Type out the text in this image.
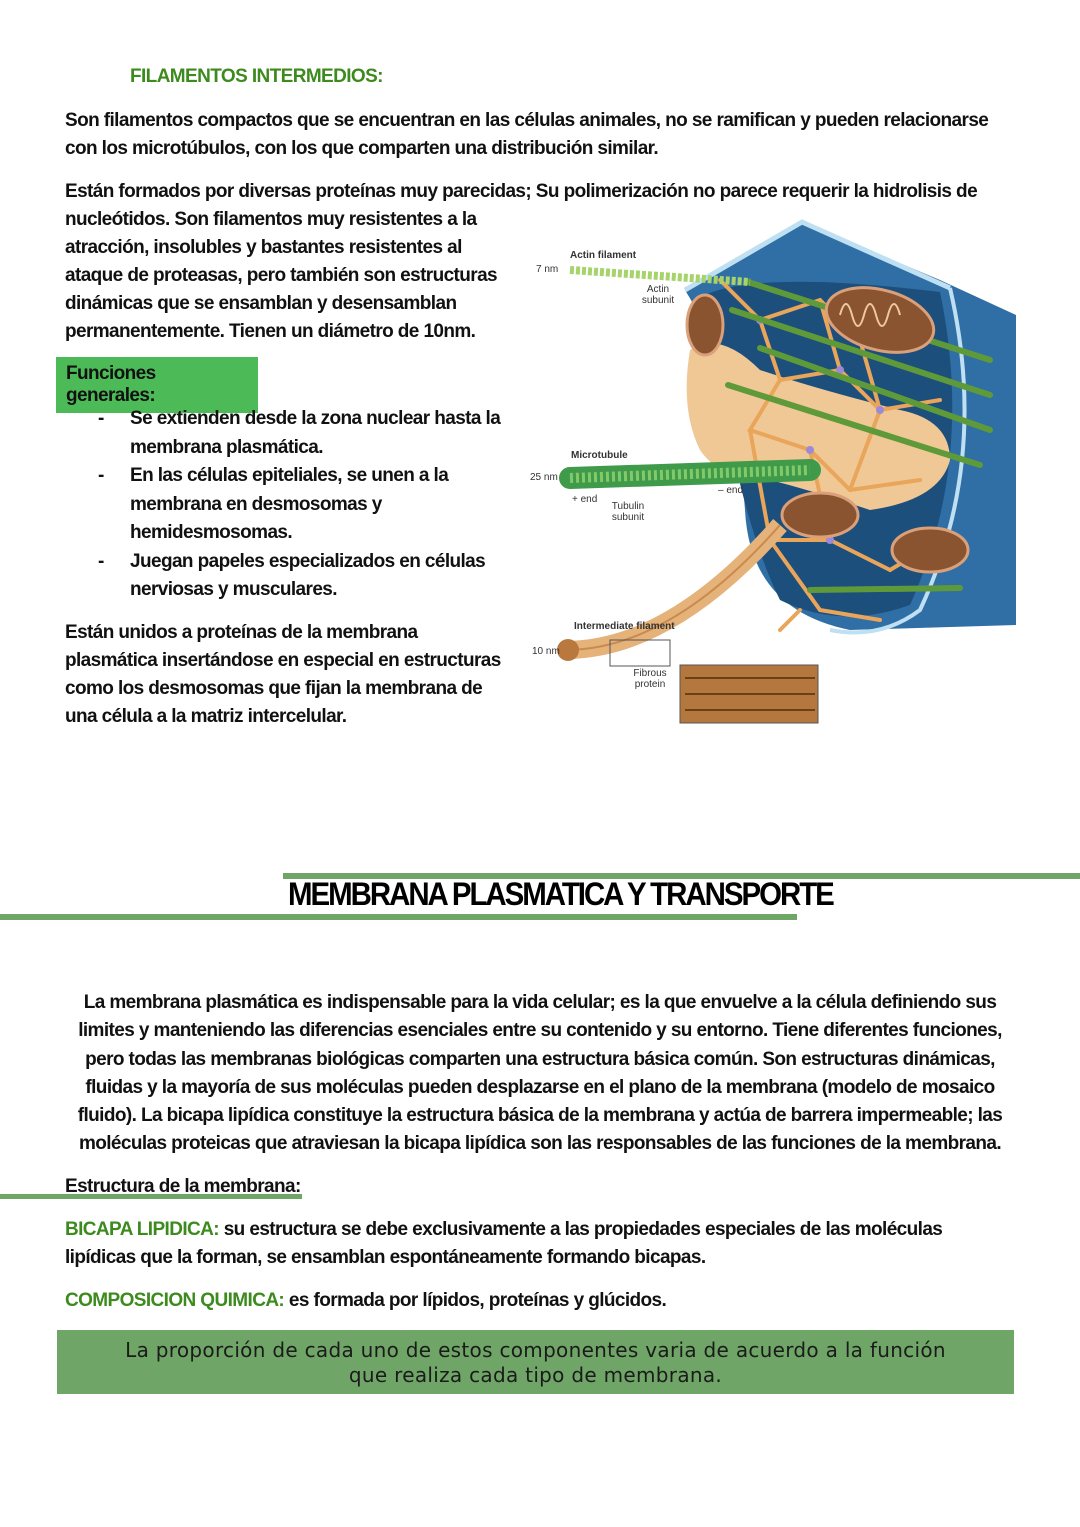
FILAMENTOS INTERMEDIOS:
Son filamentos compactos que se encuentran en las células animales, no se ramifican y pueden relacionarse con los microtúbulos, con los que comparten una distribución similar.
Están formados por diversas proteínas muy parecidas; Su polimerización no parece requerir la hidrolisis de
nucleótidos. Son filamentos muy resistentes a la atracción, insolubles y bastantes resistentes al ataque de proteasas, pero también son estructuras dinámicas que se ensamblan y desensamblan permanentemente. Tienen un diámetro de 10nm.
Funciones generales:
- Se extienden desde la zona nuclear hasta la membrana plasmática.
- En las células epiteliales, se unen a la membrana en desmosomas y hemidesmosomas.
- Juegan papeles especializados en células nerviosas y musculares.
Están unidos a proteínas de la membrana plasmática insertándose en especial en estructuras como los desmosomas que fijan la membrana de una célula a la matriz intercelular.
Actin filament
7 nm
Actin subunit
Microtubule
25 nm
+ end
– end
Tubulin subunit
Intermediate filament
10 nm
Fibrous protein
MEMBRANA PLASMATICA Y TRANSPORTE
La membrana plasmática es indispensable para la vida celular; es la que envuelve a la célula definiendo sus limites y manteniendo las diferencias esenciales entre su contenido y su entorno. Tiene diferentes funciones, pero todas las membranas biológicas comparten una estructura básica común. Son estructuras dinámicas, fluidas y la mayoría de sus moléculas pueden desplazarse en el plano de la membrana (modelo de mosaico fluido). La bicapa lipídica constituye la estructura básica de la membrana y actúa de barrera impermeable; las moléculas proteicas que atraviesan la bicapa lipídica son las responsables de las funciones de la membrana.
Estructura de la membrana:
BICAPA LIPIDICA: su estructura se debe exclusivamente a las propiedades especiales de las moléculas lipídicas que la forman, se ensamblan espontáneamente formando bicapas.
COMPOSICION QUIMICA: es formada por lípidos, proteínas y glúcidos.
La proporción de cada uno de estos componentes varia de acuerdo a la función que realiza cada tipo de membrana.
